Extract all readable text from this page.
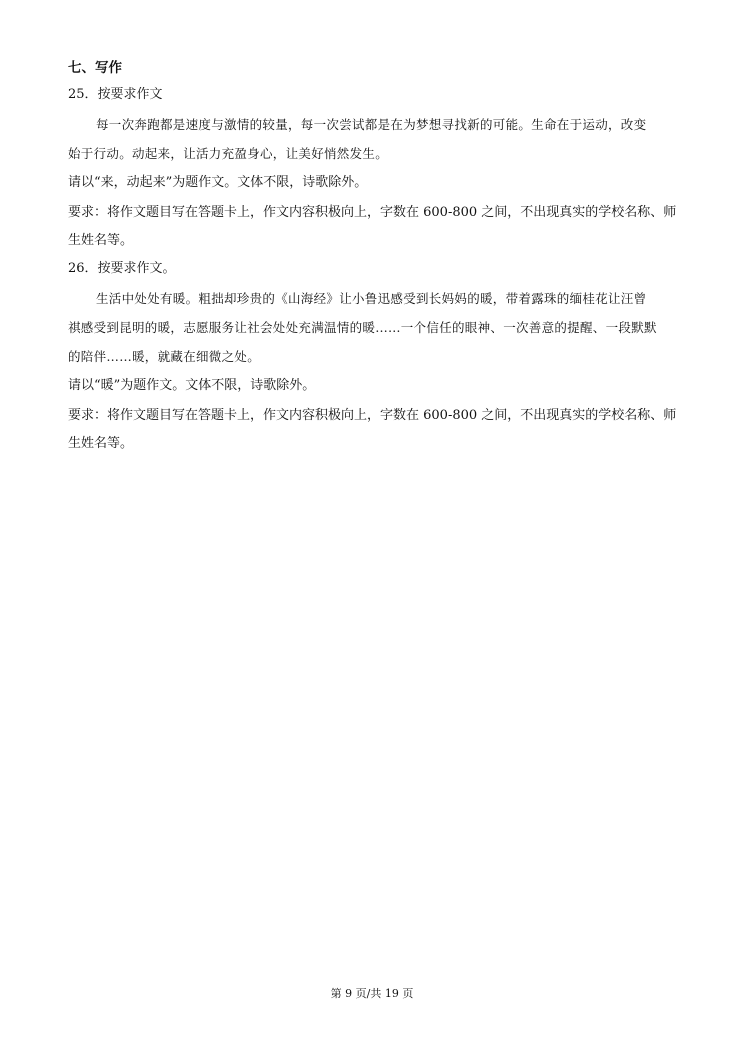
七、写作
25．按要求作文
每一次奔跑都是速度与激情的较量，每一次尝试都是在为梦想寻找新的可能。生命在于运动，改变
始于行动。动起来，让活力充盈身心，让美好悄然发生。
请以“来，动起来”为题作文。文体不限，诗歌除外。
要求：将作文题目写在答题卡上，作文内容积极向上，字数在 600-800 之间，不出现真实的学校名称、师
生姓名等。
26．按要求作文。
生活中处处有暖。粗拙却珍贵的《山海经》让小鲁迅感受到长妈妈的暖，带着露珠的缅桂花让汪曾
祺感受到昆明的暖，志愿服务让社会处处充满温情的暖……一个信任的眼神、一次善意的提醒、一段默默
的陪伴……暖，就藏在细微之处。
请以“暖”为题作文。文体不限，诗歌除外。
要求：将作文题目写在答题卡上，作文内容积极向上，字数在 600-800 之间，不出现真实的学校名称、师
生姓名等。
第 9 页/共 19 页
